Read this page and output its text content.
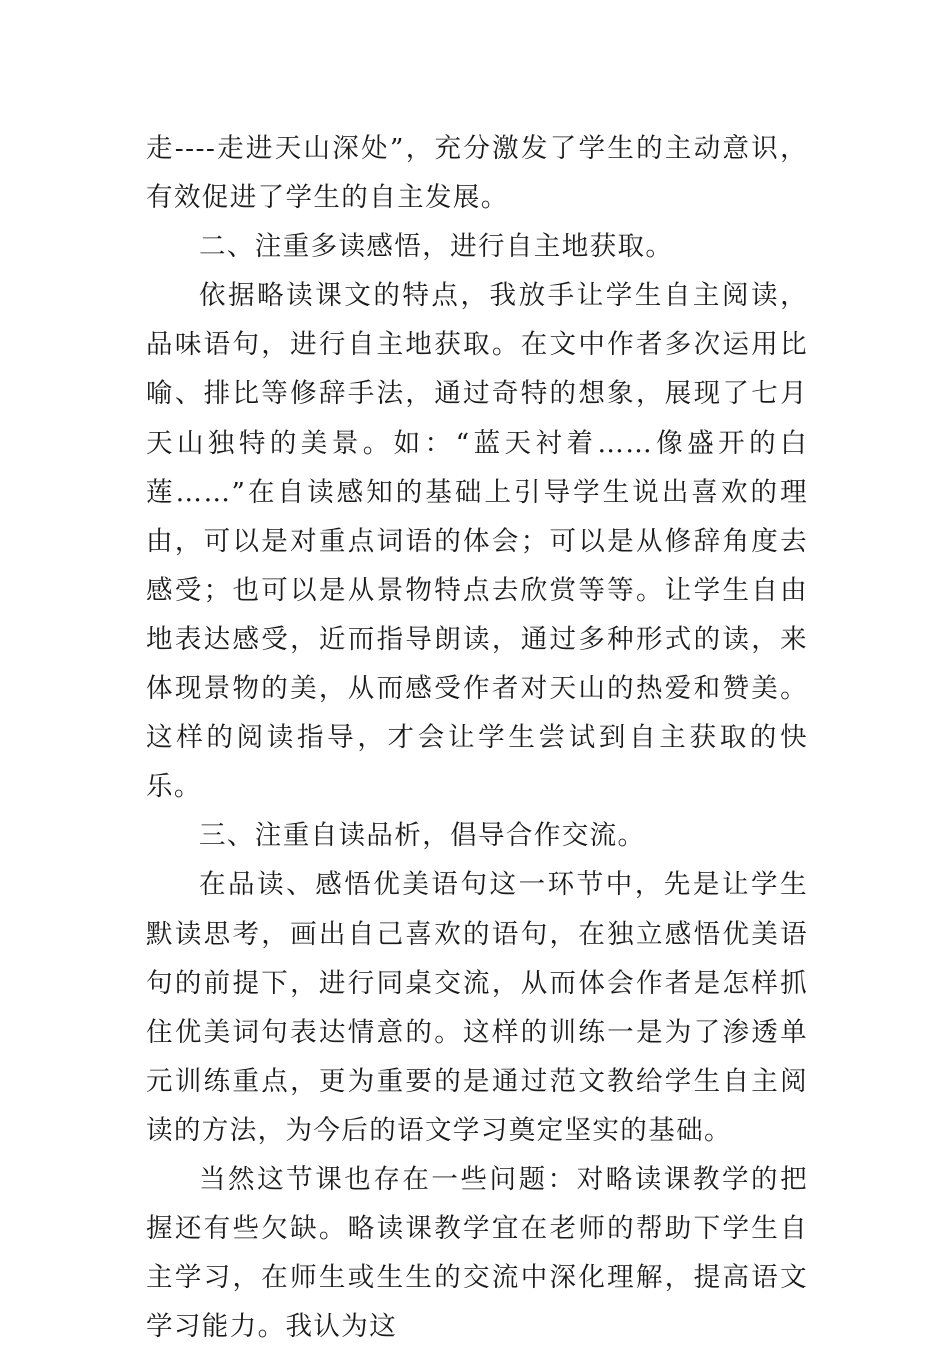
走----走进天山深处”，充分激发了学生的主动意识，有效促进了学生的自主发展。

二、注重多读感悟，进行自主地获取。

依据略读课文的特点，我放手让学生自主阅读，品味语句，进行自主地获取。在文中作者多次运用比喻、排比等修辞手法，通过奇特的想象，展现了七月天山独特的美景。如：“蓝天衬着……像盛开的白莲……”在自读感知的基础上引导学生说出喜欢的理由，可以是对重点词语的体会；可以是从修辞角度去感受；也可以是从景物特点去欣赏等等。让学生自由地表达感受，近而指导朗读，通过多种形式的读，来体现景物的美，从而感受作者对天山的热爱和赞美。这样的阅读指导，才会让学生尝试到自主获取的快乐。

三、注重自读品析，倡导合作交流。

在品读、感悟优美语句这一环节中，先是让学生默读思考，画出自己喜欢的语句，在独立感悟优美语句的前提下，进行同桌交流，从而体会作者是怎样抓住优美词句表达情意的。这样的训练一是为了渗透单元训练重点，更为重要的是通过范文教给学生自主阅读的方法，为今后的语文学习奠定坚实的基础。

当然这节课也存在一些问题：对略读课教学的把握还有些欠缺。略读课教学宜在老师的帮助下学生自主学习，在师生或生生的交流中深化理解，提高语文学习能力。我认为这
